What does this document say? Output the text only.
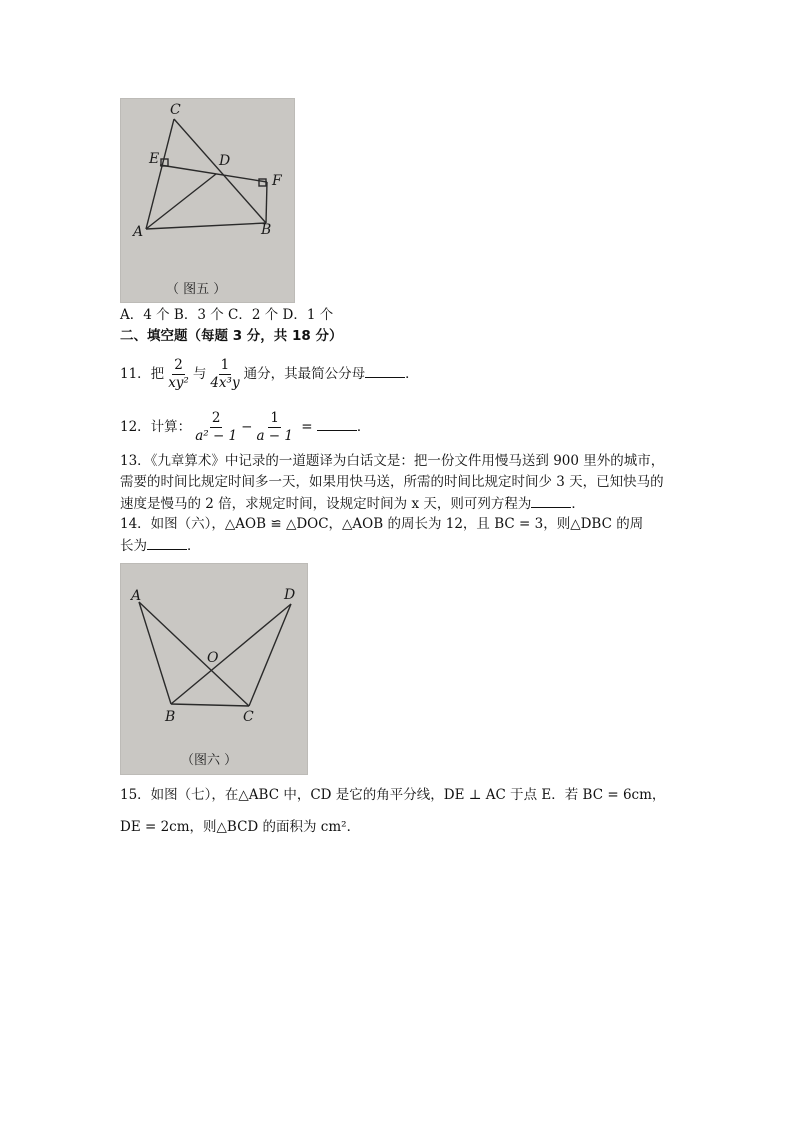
C
E	D
F
A	B
（ 图五 ）
A．4 个 B．3 个 C．2 个 D．1 个
二、填空题（每题 3 分，共 18 分）
11．把 $\frac{2}{\text{xy²}}$ 与 $\frac{1}{\text{4x³y}}$ 通分，其最简公分母	．
12．计算： $\frac{2}{\text{a² − 1}} - \frac{1}{a - 1}$ =	．
13．《九章算术》中记录的一道题译为白话文是：把一份文件用慢马送到 900 里外的城市，
需要的时间比规定时间多一天，如果用快马送，所需的时间比规定时间少 3 天，已知快马的
速度是慢马的 2 倍，求规定时间，设规定时间为 x 天，则可列方程为	．
14．如图（六），△AOB ≌ △DOC，△AOB 的周长为 12，且 BC = 3，则△DBC 的周
长为	．
A	D
O
B	C
（图六 ）
15．如图（七），在△ABC 中，CD 是它的角平分线，DE ⊥ AC 于点 E．若 BC = 6cm，
DE = 2cm，则△BCD 的面积为 cm²．
